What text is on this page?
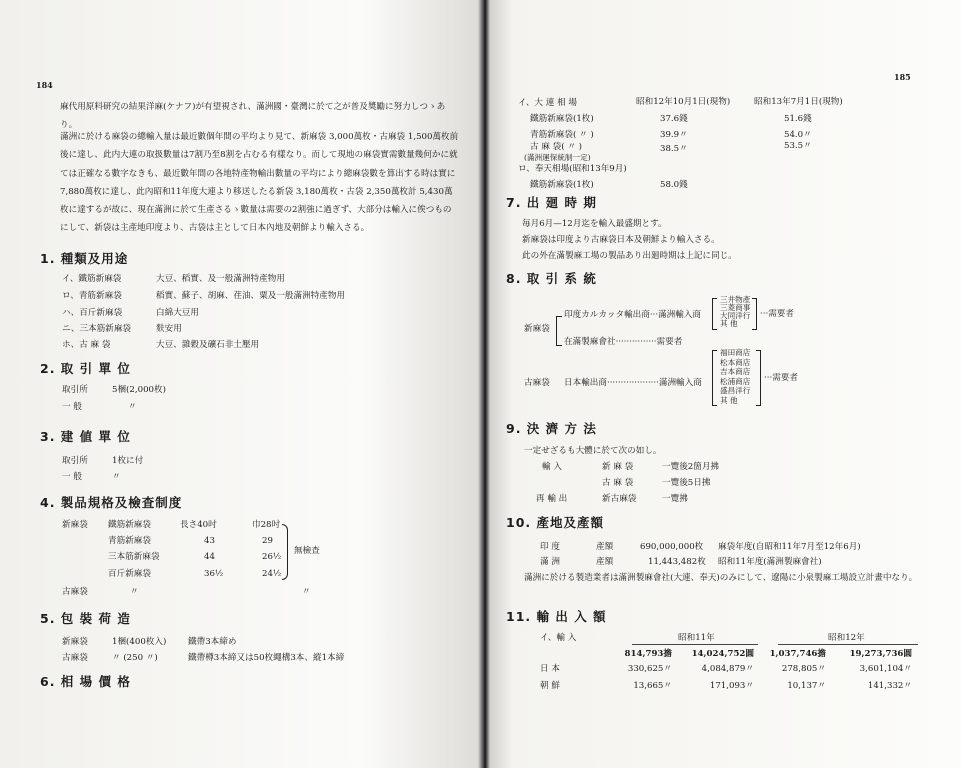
184
麻代用原料研究の結果洋麻(ケナフ)が有望視され、滿洲國・臺灣に於て之が普及奬勵に努力しつゝあり。
滿洲に於ける麻袋の總輸入量は最近數個年間の平均より見て、新麻袋 3,000萬枚・古麻袋 1,500萬枚前後に達し、此内大連の取扱數量は7割乃至8割を占むる有樣なり。而して現地の麻袋實需數量幾何かに就ては正確なる數字なきも、最近數年間の各地特產物輸出數量の平均により總麻袋數を算出する時は實に 7,880萬枚に達し、此內昭和11年度大連より移送したる新袋 3,180萬枚・古袋 2,350萬枚計 5,430萬枚に達するが故に、現在滿洲に於て生產さるゝ數量は需要の2割強に過ぎず、大部分は輸入に俟つものにして、新袋は主產地印度より、古袋は主として日本內地及朝鮮より輸入さる。
1. 種類及用途
イ、鐵筋新麻袋	大豆、稻實、及一般滿洲特產物用
ロ、青筋新麻袋	稻實、蘇子、胡麻、荏油、粟及一般滿洲特產物用
ハ、百斤新麻袋	白綿大豆用
ニ、三本筋新麻袋	麩安用
ホ、古 麻 袋	大豆、雜穀及礦石非土壓用
2. 取 引 單 位
取引所	5梱(2,000枚)
一 般	〃
3. 建 値 單 位
取引所	1枚に付
一 般	〃
4. 製品規格及檢査制度
新麻袋 鐵筋新麻袋	長さ40吋	巾28吋
青筋新麻袋	43	29
三本筋新麻袋	44	26½
百斤新麻袋	36½	24½
無檢查
古麻袋	〃	〃
5. 包 裝 荷 造
新麻袋	1梱(400枚入)	鐵帶3本締め
古麻袋	〃 (250 〃)	鐵帶樽3本締又は50枚繩構3本、縱1本締
6. 相 場 價 格
185
イ、大 連 相 場	昭和12年10月1日(現物)	昭和13年7月1日(現物)
鐵筋新麻袋(1枚)	37.6錢	51.6錢
青筋新麻袋( 〃 )	39.9〃	54.0〃
古 麻 袋( 〃 )	38.5〃	53.5〃
(滿洲運保統制一定)
ロ、奉天相場(昭和13年9月)
鐵筋新麻袋(1枚)	58.0錢
7. 出 廻 時 期
毎月6月—12月迄を輸入最盛期とす。
新麻袋は印度より古麻袋日本及朝鮮より輸入さる。
此の外在滿製麻工場の製品あり出廻時期は上記に同じ。
8. 取 引 系 統
新麻袋
印度カルカッタ輸出商···滿洲輸入商
三井物產
三菱商事
大同洋行
其 他
···需要者
在滿製麻會社···············需要者
古麻袋 日本輸出商···················滿洲輸入商
福田商店
松本商店
吉本商店
松浦商店
盛昌洋行
其 他
···需要者
9. 決 濟 方 法
一定せざるも大體に於て次の如し。
輸 入	新 麻 袋	一覽後2箇月拂
古 麻 袋	一覽後5日拂
再 輸 出	新古麻袋	一覽拂
10. 產地及產額
印 度	產額	690,000,000枚 麻袋年度(自昭和11年7月至12年6月)
滿 洲	產額	11,443,482枚 昭和11年度(滿洲製麻會社)
滿洲に於ける製造業者は滿洲製麻會社(大連、奉天)のみにして、遼陽に小泉製麻工場設立計畫中なり。
11. 輸 出 入 額
イ、輸 入	昭和11年	昭和12年
814,793擔	14,024,752圓	1,037,746擔	19,273,736圓
日 本	330,625〃	4,084,879〃	278,805〃	3,601,104〃
朝 鮮	13,665〃	171,093〃	10,137〃	141,332〃
